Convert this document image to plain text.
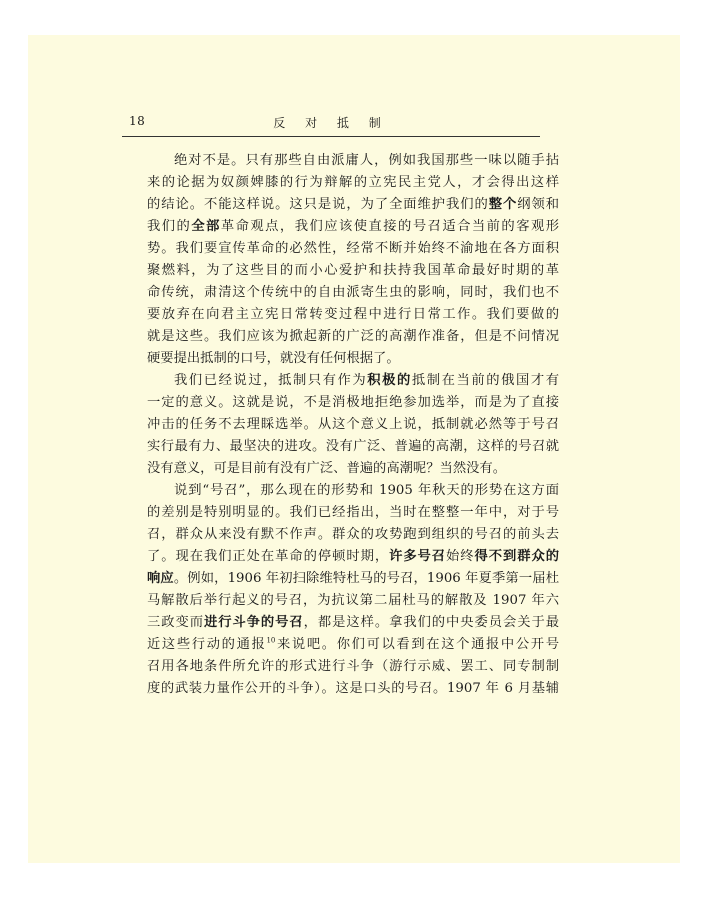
18	反 对 抵 制
绝对不是。只有那些自由派庸人，例如我国那些一味以随手拈
来的论据为奴颜婢膝的行为辩解的立宪民主党人，才会得出这样
的结论。不能这样说。这只是说，为了全面维护我们的整个纲领和
我们的全部革命观点，我们应该使直接的号召适合当前的客观形
势。我们要宣传革命的必然性，经常不断并始终不渝地在各方面积
聚燃料，为了这些目的而小心爱护和扶持我国革命最好时期的革
命传统，肃清这个传统中的自由派寄生虫的影响，同时，我们也不
要放弃在向君主立宪日常转变过程中进行日常工作。我们要做的
就是这些。我们应该为掀起新的广泛的高潮作准备，但是不问情况
硬要提出抵制的口号，就没有任何根据了。
我们已经说过，抵制只有作为积极的抵制在当前的俄国才有
一定的意义。这就是说，不是消极地拒绝参加选举，而是为了直接
冲击的任务不去理睬选举。从这个意义上说，抵制就必然等于号召
实行最有力、最坚决的进攻。没有广泛、普遍的高潮，这样的号召就
没有意义，可是目前有没有广泛、普遍的高潮呢？当然没有。
说到“号召”，那么现在的形势和 1905 年秋天的形势在这方面
的差别是特别明显的。我们已经指出，当时在整整一年中，对于号
召，群众从来没有默不作声。群众的攻势跑到组织的号召的前头去
了。现在我们正处在革命的停顿时期，许多号召始终得不到群众的
响应。例如，1906 年初扫除维特杜马的号召，1906 年夏季第一届杜
马解散后举行起义的号召，为抗议第二届杜马的解散及 1907 年六
三政变而进行斗争的号召，都是这样。拿我们的中央委员会关于最
近这些行动的通报$^{10}$来说吧。你们可以看到在这个通报中公开号
召用各地条件所允许的形式进行斗争（游行示威、罢工、同专制制
度的武装力量作公开的斗争）。这是口头的号召。1907 年 6 月基辅
